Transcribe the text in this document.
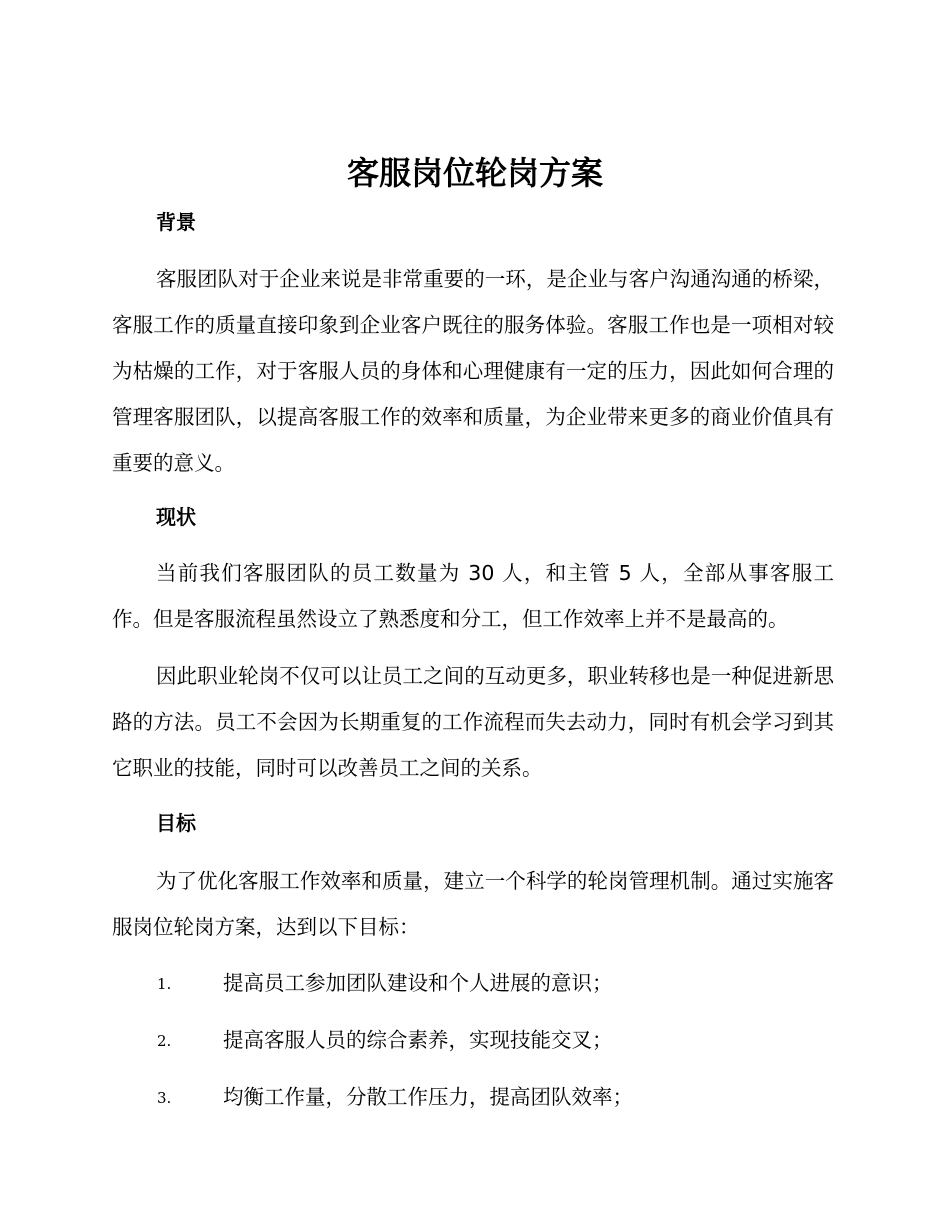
客服岗位轮岗方案
背景

客服团队对于企业来说是非常重要的一环，是企业与客户沟通沟通的桥梁，客服工作的质量直接印象到企业客户既往的服务体验。客服工作也是一项相对较为枯燥的工作，对于客服人员的身体和心理健康有一定的压力，因此如何合理的管理客服团队，以提高客服工作的效率和质量，为企业带来更多的商业价值具有重要的意义。

现状

当前我们客服团队的员工数量为 30 人，和主管 5 人，全部从事客服工作。但是客服流程虽然设立了熟悉度和分工，但工作效率上并不是最高的。

因此职业轮岗不仅可以让员工之间的互动更多，职业转移也是一种促进新思路的方法。员工不会因为长期重复的工作流程而失去动力，同时有机会学习到其它职业的技能，同时可以改善员工之间的关系。

目标

为了优化客服工作效率和质量，建立一个科学的轮岗管理机制。通过实施客服岗位轮岗方案，达到以下目标：

1.	提高员工参加团队建设和个人进展的意识；
2.	提高客服人员的综合素养，实现技能交叉；
3.	均衡工作量，分散工作压力，提高团队效率；
